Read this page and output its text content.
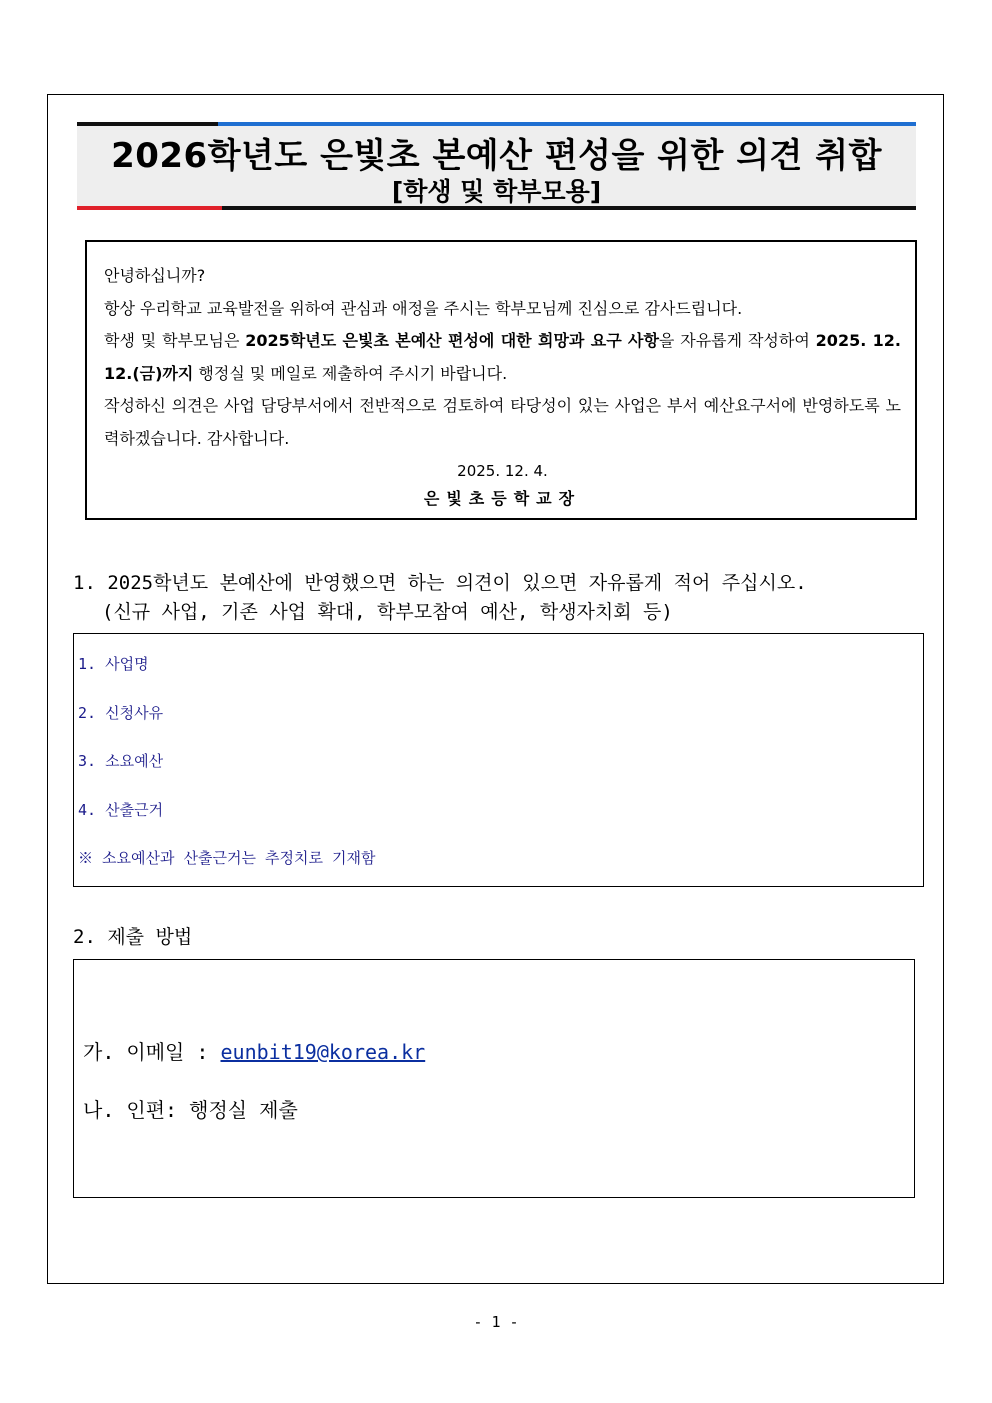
2026학년도 은빛초 본예산 편성을 위한 의견 취합
[학생 및 학부모용]

안녕하십니까?

항상 우리학교 교육발전을 위하여 관심과 애정을 주시는 학부모님께 진심으로 감사드립니다.

학생 및 학부모님은 2025학년도 은빛초 본예산 편성에 대한 희망과 요구 사항을 자유롭게 작성하여 2025. 12. 12.(금)까지 행정실 및 메일로 제출하여 주시기 바랍니다.

작성하신 의견은 사업 담당부서에서 전반적으로 검토하여 타당성이 있는 사업은 부서 예산요구서에 반영하도록 노력하겠습니다. 감사합니다.

2025. 12. 4.

은빛초등학교장

1. 2025학년도 본예산에 반영했으면 하는 의견이 있으면 자유롭게 적어 주십시오.
(신규 사업, 기존 사업 확대, 학부모참여 예산, 학생자치회 등)
1. 사업명
2. 신청사유
3. 소요예산
4. 산출근거
※ 소요예산과 산출근거는 추정치로 기재함
2. 제출 방법
가. 이메일 : eunbit19@korea.kr
나. 인편: 행정실 제출
- 1 -
